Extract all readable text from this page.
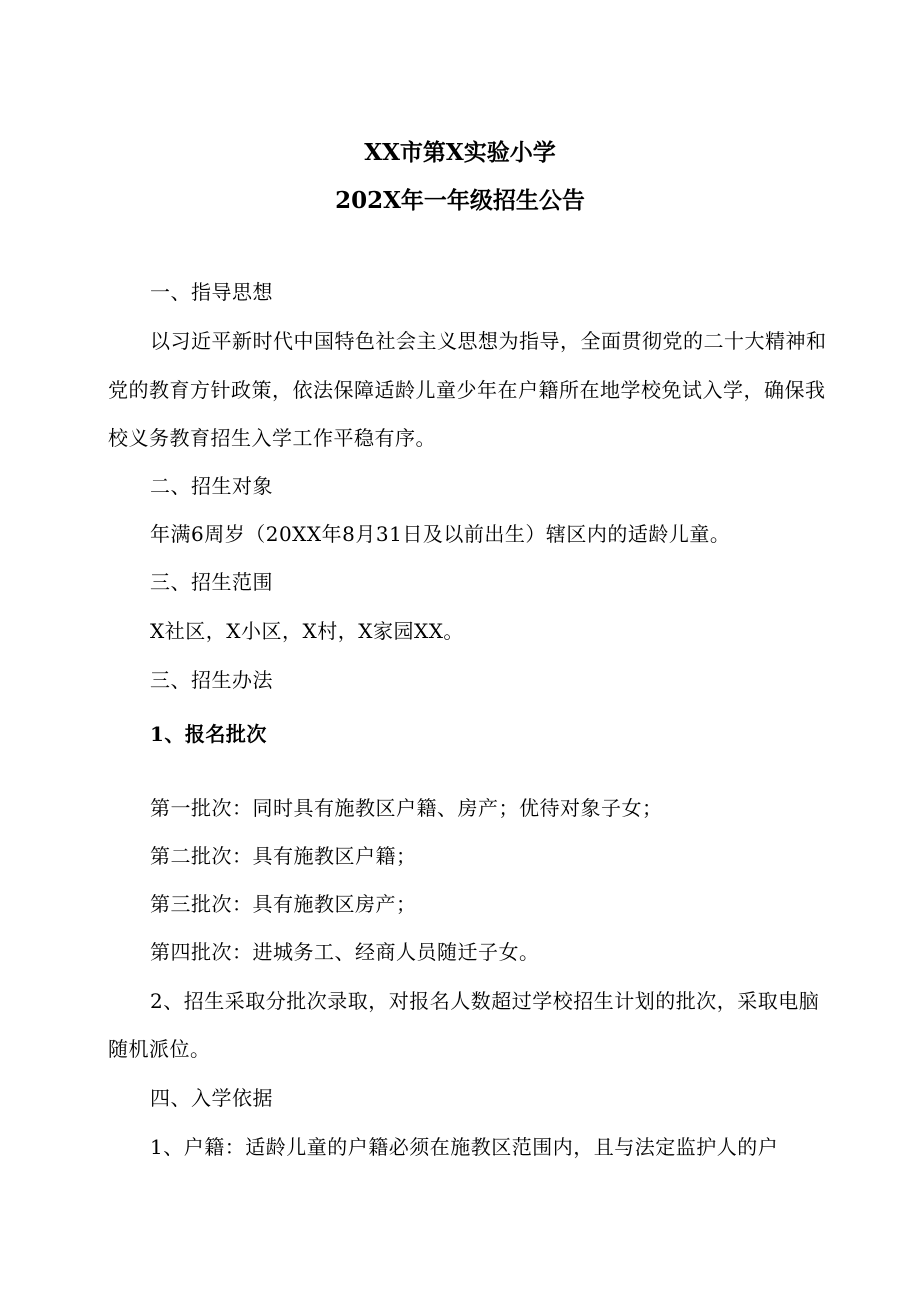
XX市第X实验小学
202X年一年级招生公告
一、指导思想
以习近平新时代中国特色社会主义思想为指导，全面贯彻党的二十大精神和
党的教育方针政策，依法保障适龄儿童少年在户籍所在地学校免试入学，确保我
校义务教育招生入学工作平稳有序。
二、招生对象
年满6周岁（20XX年8月31日及以前出生）辖区内的适龄儿童。
三、招生范围
X社区，X小区，X村，X家园XX。
三、招生办法
1、报名批次
第一批次：同时具有施教区户籍、房产；优待对象子女；
第二批次：具有施教区户籍；
第三批次：具有施教区房产；
第四批次：进城务工、经商人员随迁子女。
2、招生采取分批次录取，对报名人数超过学校招生计划的批次，采取电脑
随机派位。
四、入学依据
1、户籍：适龄儿童的户籍必须在施教区范围内，且与法定监护人的户
